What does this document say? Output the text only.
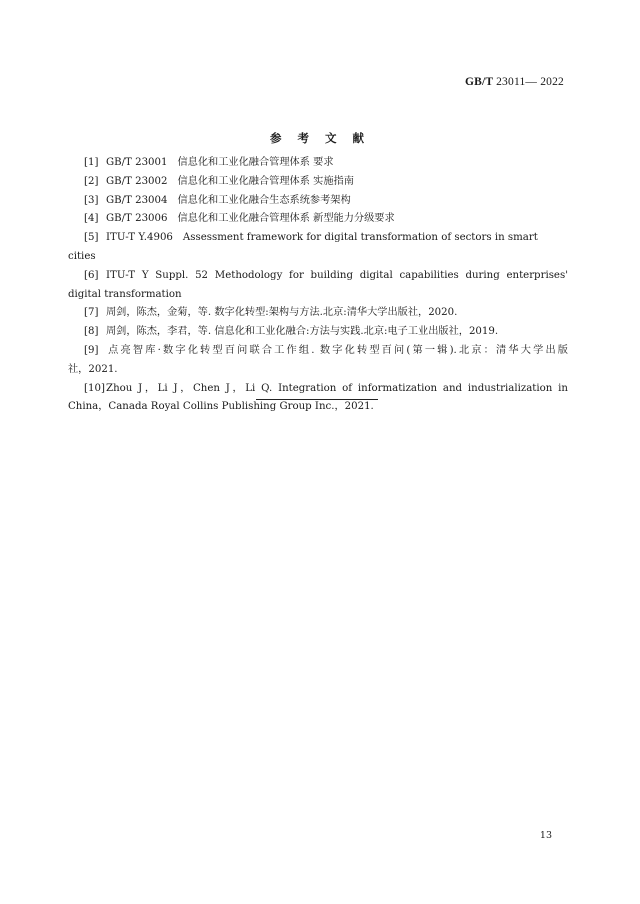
GB/T 23011— 2022
参 考 文 献

[1] GB/T 23001 信息化和工业化融合管理体系 要求

[2] GB/T 23002 信息化和工业化融合管理体系 实施指南

[3] GB/T 23004 信息化和工业化融合生态系统参考架构

[4] GB/T 23006 信息化和工业化融合管理体系 新型能力分级要求

[5] ITU-T Y.4906 Assessment framework for digital transformation of sectors in smart cities

[6] ITU-T Y Suppl. 52 Methodology for building digital capabilities during enterprises'
digital transformation

[7] 周剑，陈杰，金菊，等. 数字化转型:架构与方法.北京:清华大学出版社，2020.

[8] 周剑，陈杰，李君，等. 信息化和工业化融合:方法与实践.北京:电子工业出版社，2019.

[9] 点亮智库·数字化转型百问联合工作组. 数字化转型百问(第一辑).北京：清华大学出版
社，2021.

[10]Zhou J，Li J，Chen J，Li Q. Integration of informatization and industrialization in
China，Canada Royal Collins Publishing Group Inc.，2021.

13
